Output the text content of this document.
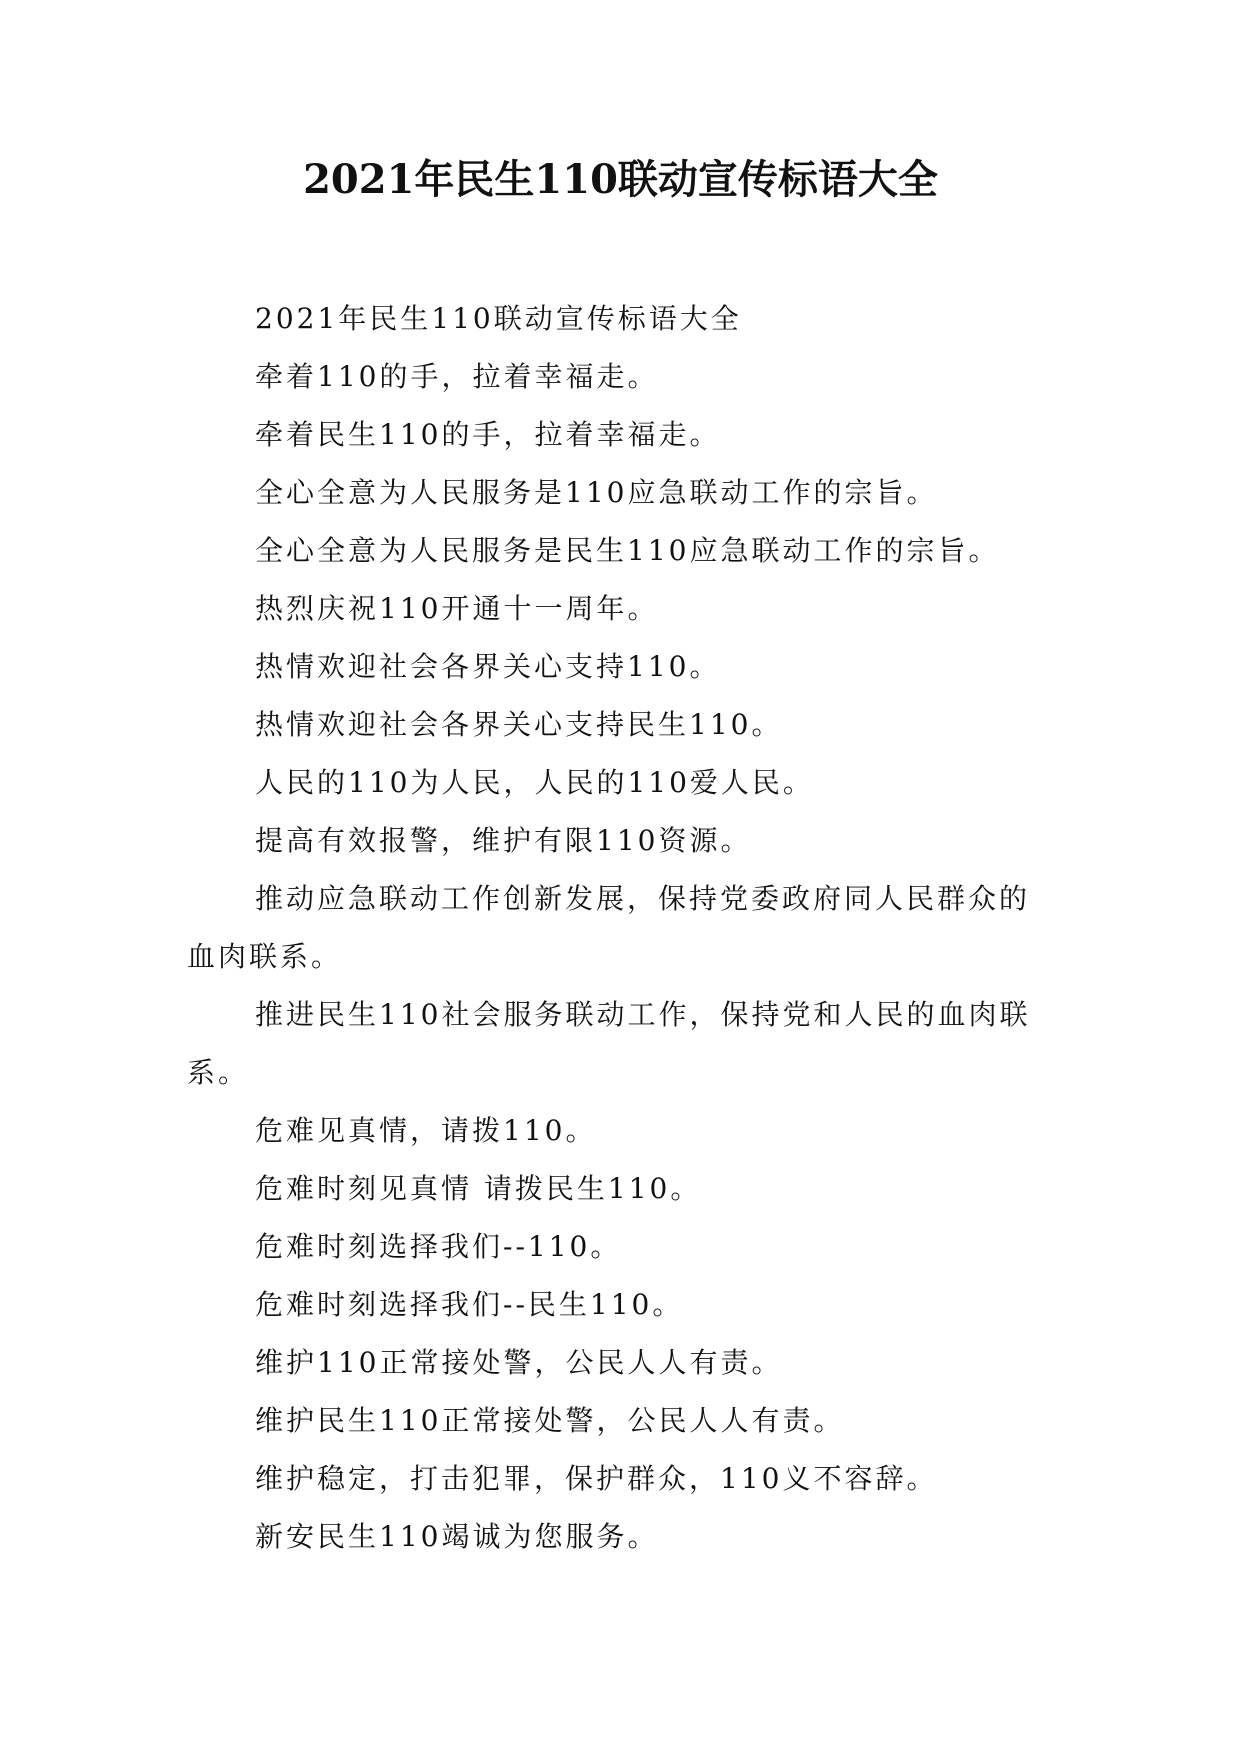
2021年民生110联动宣传标语大全

2021年民生110联动宣传标语大全

牵着110的手，拉着幸福走。

牵着民生110的手，拉着幸福走。

全心全意为人民服务是110应急联动工作的宗旨。

全心全意为人民服务是民生110应急联动工作的宗旨。

热烈庆祝110开通十一周年。

热情欢迎社会各界关心支持110。

热情欢迎社会各界关心支持民生110。

人民的110为人民，人民的110爱人民。

提高有效报警，维护有限110资源。

推动应急联动工作创新发展，保持党委政府同人民群众的血肉联系。

推进民生110社会服务联动工作，保持党和人民的血肉联系。

危难见真情，请拨110。

危难时刻见真情 请拨民生110。

危难时刻选择我们--110。

危难时刻选择我们--民生110。

维护110正常接处警，公民人人有责。

维护民生110正常接处警，公民人人有责。

维护稳定，打击犯罪，保护群众，110义不容辞。

新安民生110竭诚为您服务。
